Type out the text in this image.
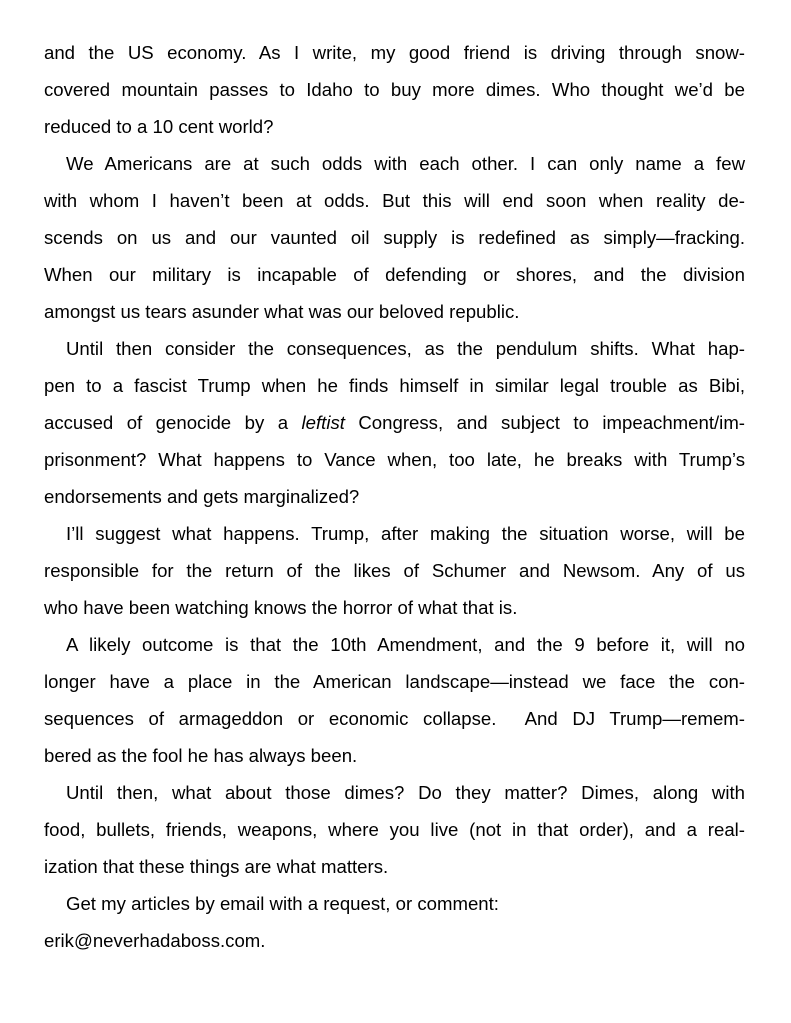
and the US economy. As I write, my good friend is driving through snow-
covered mountain passes to Idaho to buy more dimes. Who thought we’d be
reduced to a 10 cent world?
We Americans are at such odds with each other. I can only name a few
with whom I haven’t been at odds. But this will end soon when reality de-
scends on us and our vaunted oil supply is redefined as simply—fracking.
When our military is incapable of defending or shores, and the division
amongst us tears asunder what was our beloved republic.
Until then consider the consequences, as the pendulum shifts. What hap-
pen to a fascist Trump when he finds himself in similar legal trouble as Bibi,
accused of genocide by a leftist Congress, and subject to impeachment/im-
prisonment? What happens to Vance when, too late, he breaks with Trump’s
endorsements and gets marginalized?
I’ll suggest what happens. Trump, after making the situation worse, will be
responsible for the return of the likes of Schumer and Newsom. Any of us
who have been watching knows the horror of what that is.
A likely outcome is that the 10th Amendment, and the 9 before it, will no
longer have a place in the American landscape—instead we face the con-
sequences of armageddon or economic collapse.  And DJ Trump—remem-
bered as the fool he has always been.
Until then, what about those dimes? Do they matter? Dimes, along with
food, bullets, friends, weapons, where you live (not in that order), and a real-
ization that these things are what matters.
Get my articles by email with a request, or comment:
erik@neverhadaboss.com.
